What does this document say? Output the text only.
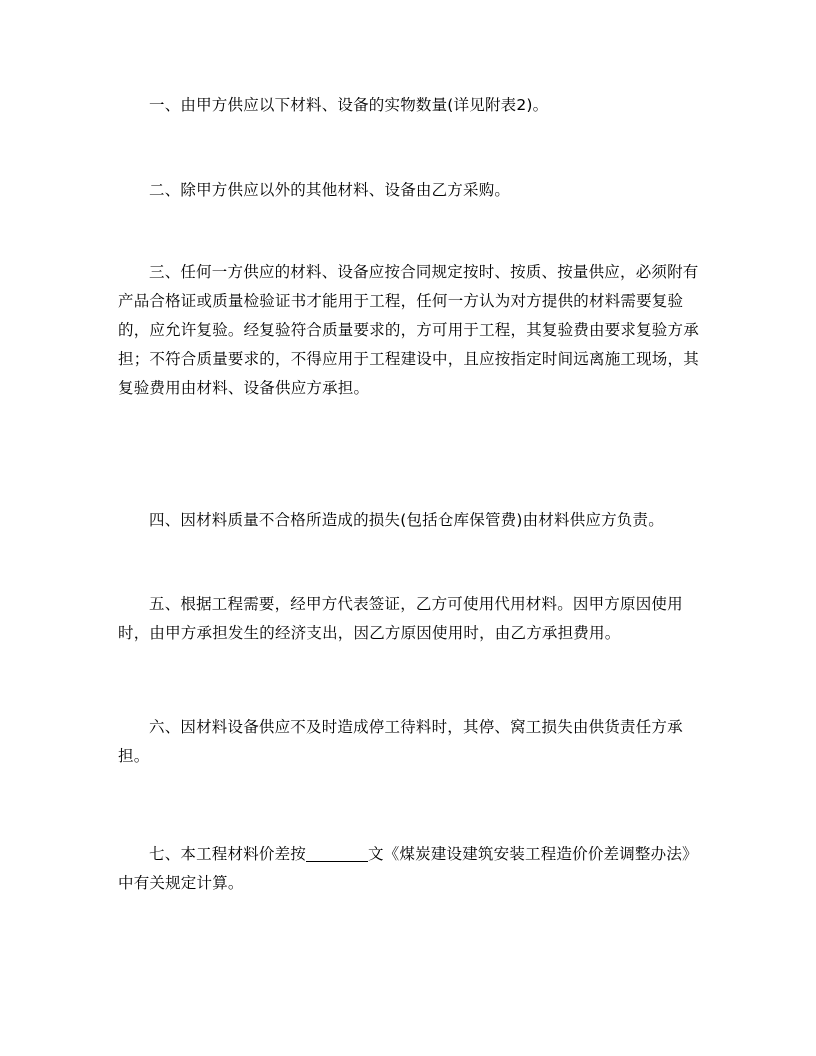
一、由甲方供应以下材料、设备的实物数量(详见附表2)。

二、除甲方供应以外的其他材料、设备由乙方采购。

三、任何一方供应的材料、设备应按合同规定按时、按质、按量供应，必须附有产品合格证或质量检验证书才能用于工程，任何一方认为对方提供的材料需要复验的，应允许复验。经复验符合质量要求的，方可用于工程，其复验费由要求复验方承担；不符合质量要求的，不得应用于工程建设中，且应按指定时间远离施工现场，其复验费用由材料、设备供应方承担。

四、因材料质量不合格所造成的损失(包括仓库保管费)由材料供应方负责。

五、根据工程需要，经甲方代表签证，乙方可使用代用材料。因甲方原因使用时，由甲方承担发生的经济支出，因乙方原因使用时，由乙方承担费用。

六、因材料设备供应不及时造成停工待料时，其停、窝工损失由供货责任方承担。

七、本工程材料价差按	文《煤炭建设建筑安装工程造价价差调整办法》中有关规定计算。
